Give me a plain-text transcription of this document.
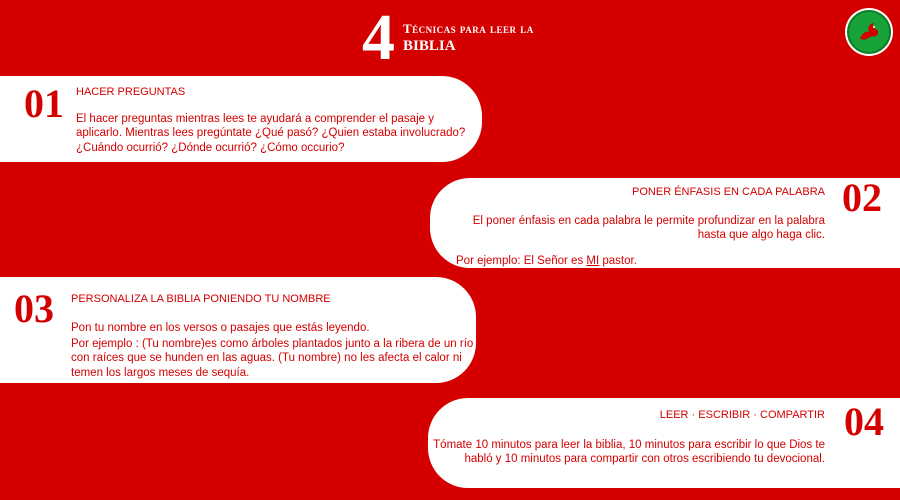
4 Técnicas para leer la
BIBLIA
01 HACER PREGUNTAS
El hacer preguntas mientras lees te ayudará a comprender el pasaje y aplicarlo. Mientras lees pregúntate ¿Qué pasó? ¿Quien estaba involucrado? ¿Cuándo ocurrió? ¿Dónde ocurrió? ¿Cómo occurio?
02
PONER ÉNFASIS EN CADA PALABRA
El poner énfasis en cada palabra le permite profundizar en la palabra hasta que algo haga clic.
Por ejemplo: El Señor es MI pastor.
03 PERSONALIZA LA BIBLIA PONIENDO TU NOMBRE
Pon tu nombre en los versos o pasajes que estás leyendo.
Por ejemplo : (Tu nombre)es como árboles plantados junto a la ribera de un río con raíces que se hunden en las aguas. (Tu nombre) no les afecta el calor ni temen los largos meses de sequía.
04
LEER · ESCRIBIR · COMPARTIR
Tómate 10 minutos para leer la biblia, 10 minutos para escribir lo que Dios te habló y 10 minutos para compartir con otros escribiendo tu devocional.
